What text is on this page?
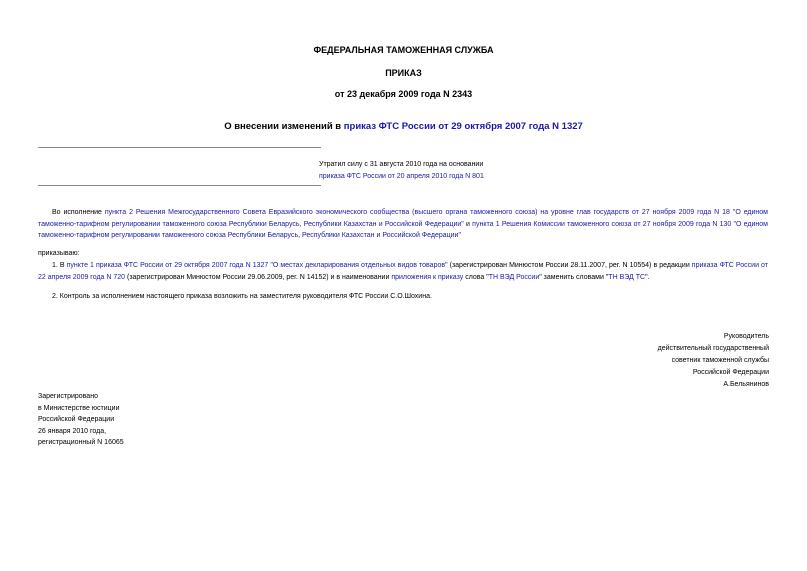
ФЕДЕРАЛЬНАЯ ТАМОЖЕННАЯ СЛУЖБА
ПРИКАЗ
от 23 декабря 2009 года N 2343
О внесении изменений в приказ ФТС России от 29 октября 2007 года N 1327
Утратил силу с 31 августа 2010 года на основании
приказа ФТС России от 20 апреля 2010 года N 801
Во исполнение пункта 2 Решения Межгосударственного Совета Евразийского экономического сообщества (высшего органа таможенного союза) на уровне глав государств от 27 ноября 2009 года N 18 "О едином таможенно-тарифном регулировании таможенного союза Республики Беларусь, Республики Казахстан и Российской Федерации" и пункта 1 Решения Комиссии таможенного союза от 27 ноября 2009 года N 130 "О едином таможенно-тарифном регулировании таможенного союза Республики Беларусь, Республики Казахстан и Российской Федерации"
приказываю:
1. В пункте 1 приказа ФТС России от 29 октября 2007 года N 1327 "О местах декларирования отдельных видов товаров" (зарегистрирован Минюстом России 28.11.2007, рег. N 10554) в редакции приказа ФТС России от 22 апреля 2009 года N 720 (зарегистрирован Минюстом России 29.06.2009, рег. N 14152) и в наименовании приложения к приказу слова "ТН ВЭД России" заменить словами "ТН ВЭД ТС".
2. Контроль за исполнением настоящего приказа возложить на заместителя руководителя ФТС России С.О.Шохина.
Руководитель
действительный государственный
советник таможенной службы
Российской Федерации
А.Бельянинов
Зарегистрировано
в Министерстве юстиции
Российской Федерации
26 января 2010 года,
регистрационный N 16065
